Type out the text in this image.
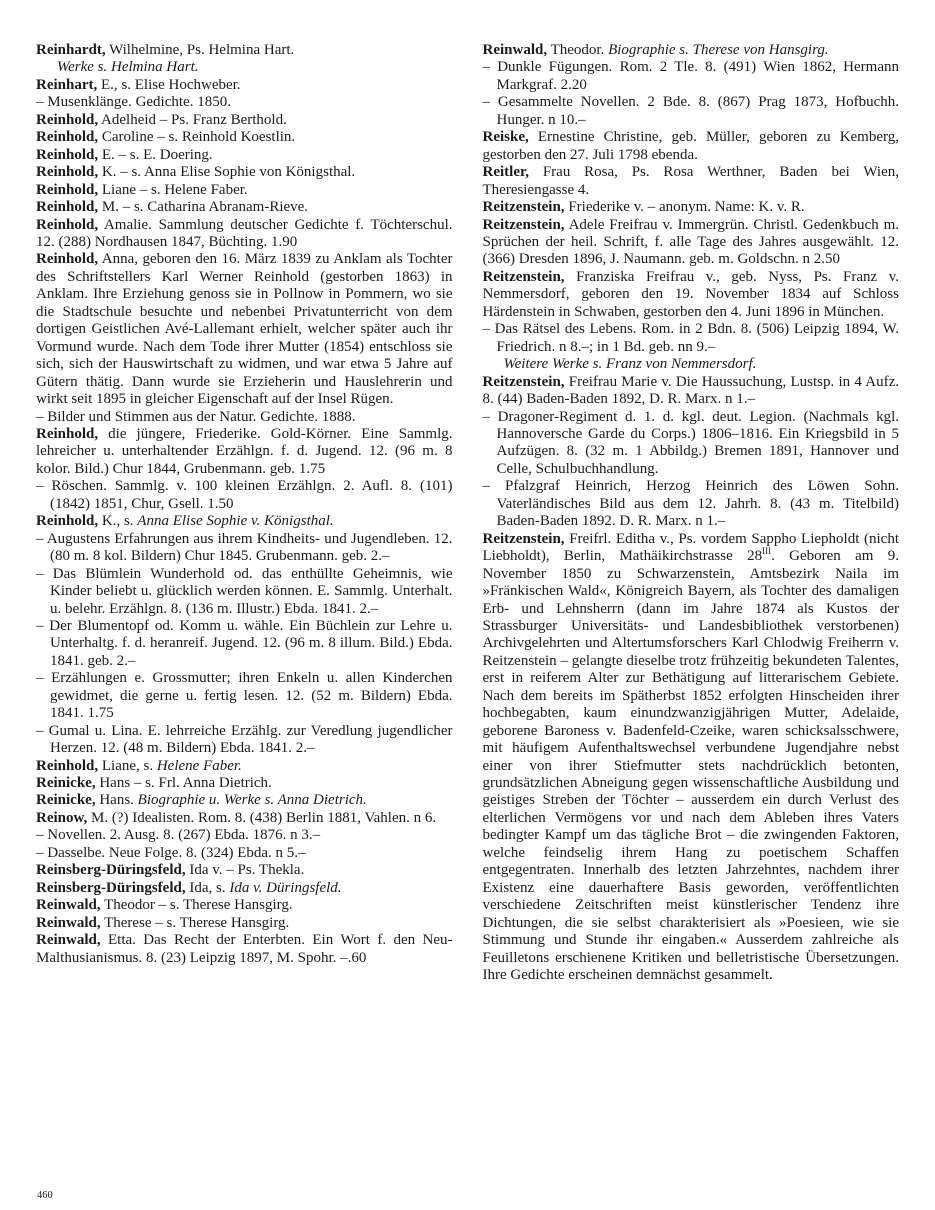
Reinhardt, Wilhelmine, Ps. Helmina Hart.

Werke s. Helmina Hart.

Reinhart, E., s. Elise Hochweber.

– Musenklänge. Gedichte. 1850.

Reinhold, Adelheid – Ps. Franz Berthold.

Reinhold, Caroline – s. Reinhold Koestlin.

Reinhold, E. – s. E. Doering.

Reinhold, K. – s. Anna Elise Sophie von Königsthal.

Reinhold, Liane – s. Helene Faber.

Reinhold, M. – s. Catharina Abranam-Rieve.

Reinhold, Amalie. Sammlung deutscher Gedichte f. Töchterschul. 12. (288) Nordhausen 1847, Büchting. 1.90

Reinhold, Anna, geboren den 16. März 1839 zu Anklam als Tochter des Schriftstellers Karl Werner Reinhold (gestorben 1863) in Anklam. Ihre Erziehung genoss sie in Pollnow in Pommern, wo sie die Stadtschule besuchte und nebenbei Privatunterricht von dem dortigen Geistlichen Avé-Lallemant erhielt, welcher später auch ihr Vormund wurde. Nach dem Tode ihrer Mutter (1854) entschloss sie sich, sich der Hauswirtschaft zu widmen, und war etwa 5 Jahre auf Gütern thätig. Dann wurde sie Erzieherin und Hauslehrerin und wirkt seit 1895 in gleicher Eigenschaft auf der Insel Rügen.

– Bilder und Stimmen aus der Natur. Gedichte. 1888.

Reinhold, die jüngere, Friederike. Gold-Körner. Eine Sammlg. lehreicher u. unterhaltender Erzählgn. f. d. Jugend. 12. (96 m. 8 kolor. Bild.) Chur 1844, Grubenmann. geb. 1.75

– Röschen. Sammlg. v. 100 kleinen Erzählgn. 2. Aufl. 8. (101) (1842) 1851, Chur, Gsell. 1.50

Reinhold, K., s. Anna Elise Sophie v. Königsthal.

– Augustens Erfahrungen aus ihrem Kindheits- und Jugendleben. 12. (80 m. 8 kol. Bildern) Chur 1845. Grubenmann. geb. 2.–

– Das Blümlein Wunderhold od. das enthüllte Geheimnis, wie Kinder beliebt u. glücklich werden können. E. Sammlg. Unterhalt. u. belehr. Erzählgn. 8. (136 m. Illustr.) Ebda. 1841. 2.–

– Der Blumentopf od. Komm u. wähle. Ein Büchlein zur Lehre u. Unterhaltg. f. d. heranreif. Jugend. 12. (96 m. 8 illum. Bild.) Ebda. 1841. geb. 2.–

– Erzählungen e. Grossmutter; ihren Enkeln u. allen Kinderchen gewidmet, die gerne u. fertig lesen. 12. (52 m. Bildern) Ebda. 1841. 1.75

– Gumal u. Lina. E. lehrreiche Erzählg. zur Veredlung jugendlicher Herzen. 12. (48 m. Bildern) Ebda. 1841. 2.–

Reinhold, Liane, s. Helene Faber.

Reinicke, Hans – s. Frl. Anna Dietrich.

Reinicke, Hans. Biographie u. Werke s. Anna Dietrich.

Reinow, M. (?) Idealisten. Rom. 8. (438) Berlin 1881, Vahlen. n 6.

– Novellen. 2. Ausg. 8. (267) Ebda. 1876. n 3.–

– Dasselbe. Neue Folge. 8. (324) Ebda. n 5.–

Reinsberg-Düringsfeld, Ida v. – Ps. Thekla.

Reinsberg-Düringsfeld, Ida, s. Ida v. Düringsfeld.

Reinwald, Theodor – s. Therese Hansgirg.

Reinwald, Therese – s. Therese Hansgirg.

Reinwald, Etta. Das Recht der Enterbten. Ein Wort f. den Neu-Malthusianismus. 8. (23) Leipzig 1897, M. Spohr. –.60

Reinwald, Theodor. Biographie s. Therese von Hansgirg.

– Dunkle Fügungen. Rom. 2 Tle. 8. (491) Wien 1862, Hermann Markgraf. 2.20

– Gesammelte Novellen. 2 Bde. 8. (867) Prag 1873, Hofbuchh. Hunger. n 10.–

Reiske, Ernestine Christine, geb. Müller, geboren zu Kemberg, gestorben den 27. Juli 1798 ebenda.

Reitler, Frau Rosa, Ps. Rosa Werthner, Baden bei Wien, Theresiengasse 4.

Reitzenstein, Friederike v. – anonym. Name: K. v. R.

Reitzenstein, Adele Freifrau v. Immergrün. Christl. Gedenkbuch m. Sprüchen der heil. Schrift, f. alle Tage des Jahres ausgewählt. 12. (366) Dresden 1896, J. Naumann. geb. m. Goldschn. n 2.50

Reitzenstein, Franziska Freifrau v., geb. Nyss, Ps. Franz v. Nemmersdorf, geboren den 19. November 1834 auf Schloss Härdenstein in Schwaben, gestorben den 4. Juni 1896 in München.

– Das Rätsel des Lebens. Rom. in 2 Bdn. 8. (506) Leipzig 1894, W. Friedrich. n 8.–; in 1 Bd. geb. nn 9.–

Weitere Werke s. Franz von Nemmersdorf.

Reitzenstein, Freifrau Marie v. Die Haussuchung, Lustsp. in 4 Aufz. 8. (44) Baden-Baden 1892, D. R. Marx. n 1.–

– Dragoner-Regiment d. 1. d. kgl. deut. Legion. (Nachmals kgl. Hannoversche Garde du Corps.) 1806–1816. Ein Kriegsbild in 5 Aufzügen. 8. (32 m. 1 Abbildg.) Bremen 1891, Hannover und Celle, Schulbuchhandlung.

– Pfalzgraf Heinrich, Herzog Heinrich des Löwen Sohn. Vaterländisches Bild aus dem 12. Jahrh. 8. (43 m. Titelbild) Baden-Baden 1892. D. R. Marx. n 1.–

Reitzenstein, Freifrl. Editha v., Ps. vordem Sappho Liepholdt (nicht Liebholdt), Berlin, Mathäikirchstrasse $28^{III}$. Geboren am 9. November 1850 zu Schwarzenstein, Amtsbezirk Naila im »Fränkischen Wald«, Königreich Bayern, als Tochter des damaligen Erb- und Lehnsherrn (dann im Jahre 1874 als Kustos der Strassburger Universitäts- und Landesbibliothek verstorbenen) Archivgelehrten und Altertumsforschers Karl Chlodwig Freiherrn v. Reitzenstein – gelangte dieselbe trotz frühzeitig bekundeten Talentes, erst in reiferem Alter zur Bethätigung auf litterarischem Gebiete. Nach dem bereits im Spätherbst 1852 erfolgten Hinscheiden ihrer hochbegabten, kaum einundzwanzigjährigen Mutter, Adelaide, geborene Baroness v. Badenfeld-Czeike, waren schicksalsschwere, mit häufigem Aufenthaltswechsel verbundene Jugendjahre nebst einer von ihrer Stiefmutter stets nachdrücklich betonten, grundsätzlichen Abneigung gegen wissenschaftliche Ausbildung und geistiges Streben der Töchter – ausserdem ein durch Verlust des elterlichen Vermögens vor und nach dem Ableben ihres Vaters bedingter Kampf um das tägliche Brot – die zwingenden Faktoren, welche feindselig ihrem Hang zu poetischem Schaffen entgegentraten. Innerhalb des letzten Jahrzehntes, nachdem ihrer Existenz eine dauerhaftere Basis geworden, veröffentlichten verschiedene Zeitschriften meist künstlerischer Tendenz ihre Dichtungen, die sie selbst charakterisiert als »Poesieen, wie sie Stimmung und Stunde ihr eingaben.« Ausserdem zahlreiche als Feuilletons erschienene Kritiken und belletristische Übersetzungen. Ihre Gedichte erscheinen demnächst gesammelt.

460
